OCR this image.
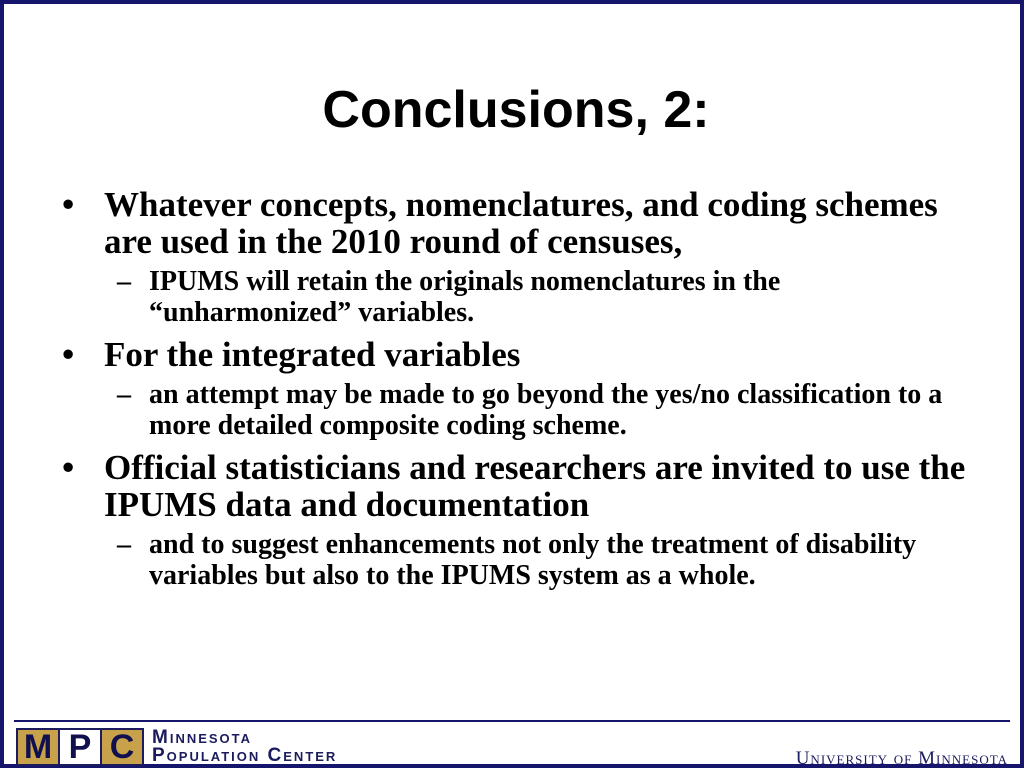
Conclusions, 2:
• Whatever concepts, nomenclatures, and coding schemes are used in the 2010 round of censuses,
– IPUMS will retain the originals nomenclatures in the “unharmonized” variables.
• For the integrated variables
– an attempt may be made to go beyond the yes/no classification to a more detailed composite coding scheme.
• Official statisticians and researchers are invited to use the IPUMS data and documentation
– and to suggest enhancements not only the treatment of disability variables but also to the IPUMS system as a whole.
M P C Minnesota
Population Center	University of Minnesota
